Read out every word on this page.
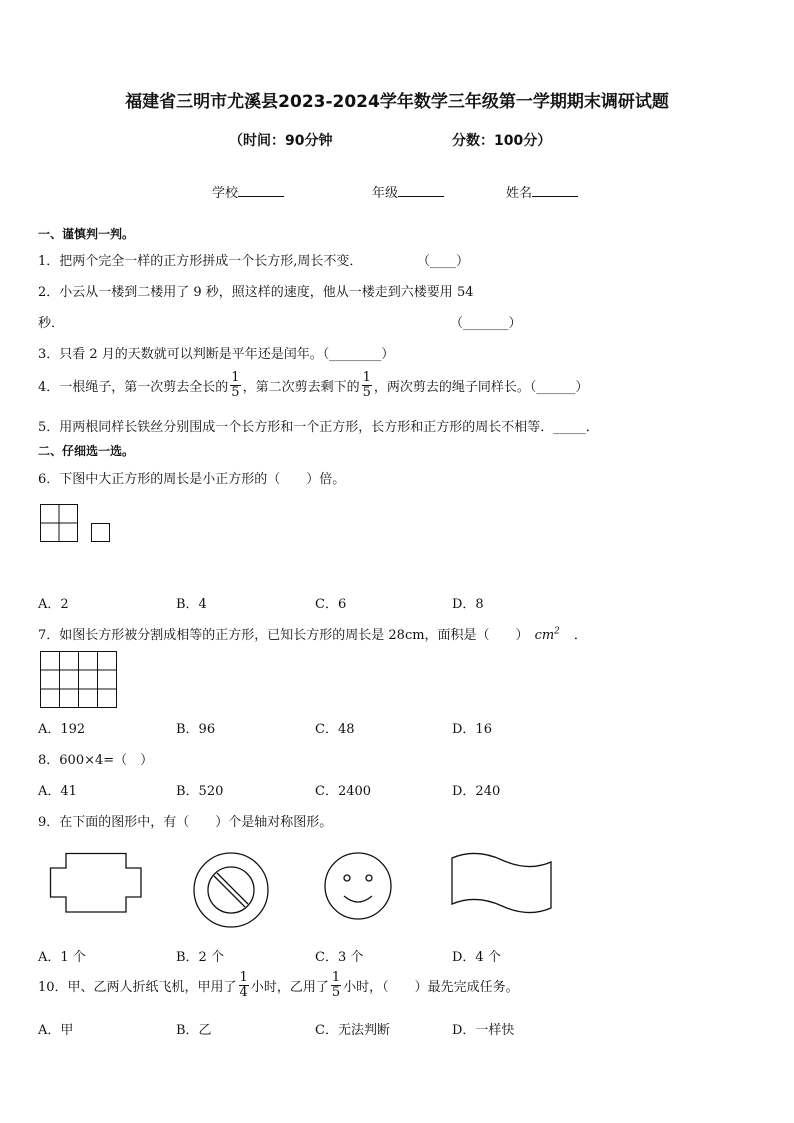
福建省三明市尤溪县2023-2024学年数学三年级第一学期期末调研试题
（时间：90分钟	分数：100分）
学校	年级	姓名
一、谨慎判一判。
1．把两个完全一样的正方形拼成一个长方形,周长不变．	（____）
2．小云从一楼到二楼用了 9 秒，照这样的速度，他从一楼走到六楼要用 54
秒．	（_______）
3．只看 2 月的天数就可以判断是平年还是闰年。（________）
4．一根绳子，第一次剪去全长的 $\frac{1}{5}$ ，第二次剪去剩下的 $\frac{1}{5}$ ，两次剪去的绳子同样长。（______）
5．用两根同样长铁丝分别围成一个长方形和一个正方形，长方形和正方形的周长不相等．_____．
二、仔细选一选。
6．下图中大正方形的周长是小正方形的（　　）倍。
A．2	B．4	C．6	D．8
7．如图长方形被分割成相等的正方形，已知长方形的周长是 28cm，面积是（　　） $cm^2$ ．
A．192	B．96	C．48	D．16
8．600×4=（　）
A．41	B．520	C．2400	D．240
9．在下面的图形中，有（　　）个是轴对称图形。
A．1 个	B．2 个	C．3 个	D．4 个
10．甲、乙两人折纸飞机，甲用了 $\frac{1}{4}$ 小时，乙用了 $\frac{1}{5}$ 小时，（　　）最先完成任务。
A．甲	B．乙	C．无法判断	D．一样快
